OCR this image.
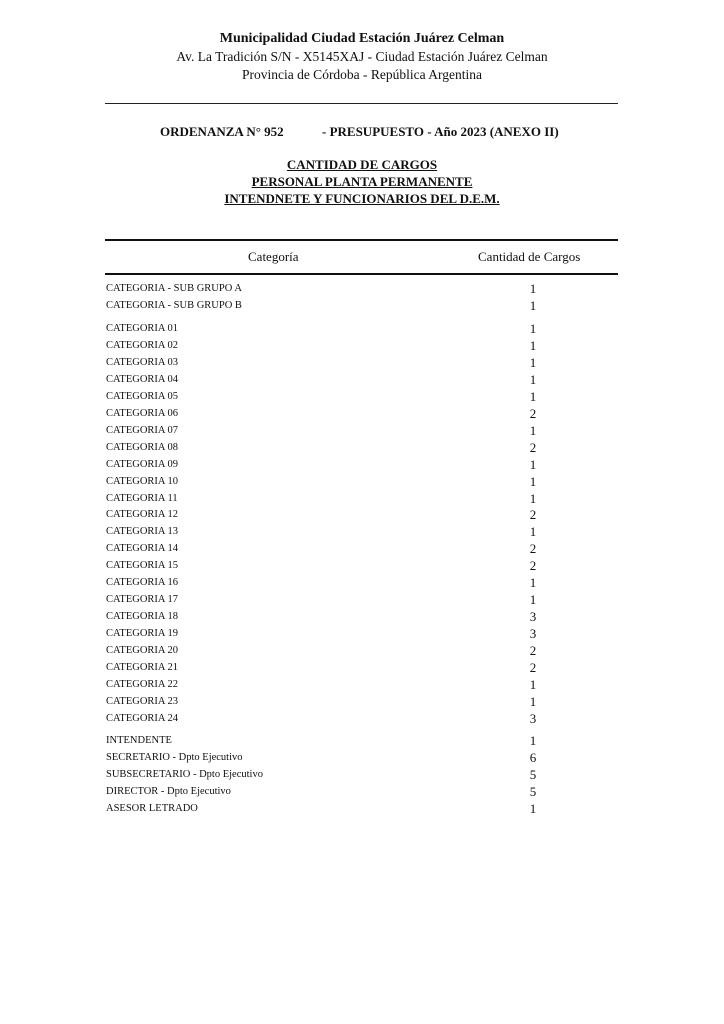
Municipalidad Ciudad Estación Juárez Celman
Av. La Tradición S/N - X5145XAJ - Ciudad Estación Juárez Celman
Provincia de Córdoba - República Argentina
ORDENANZA N° 952	- PRESUPUESTO - Año 2023 (ANEXO II)
CANTIDAD DE CARGOS
PERSONAL PLANTA PERMANENTE
INTENDNETE Y FUNCIONARIOS DEL D.E.M.
Categoría	Cantidad de Cargos
CATEGORIA - SUB GRUPO A	1
CATEGORIA - SUB GRUPO B	1
CATEGORIA 01	1
CATEGORIA 02	1
CATEGORIA 03	1
CATEGORIA 04	1
CATEGORIA 05	1
CATEGORIA 06	2
CATEGORIA 07	1
CATEGORIA 08	2
CATEGORIA 09	1
CATEGORIA 10	1
CATEGORIA 11	1
CATEGORIA 12	2
CATEGORIA 13	1
CATEGORIA 14	2
CATEGORIA 15	2
CATEGORIA 16	1
CATEGORIA 17	1
CATEGORIA 18	3
CATEGORIA 19	3
CATEGORIA 20	2
CATEGORIA 21	2
CATEGORIA 22	1
CATEGORIA 23	1
CATEGORIA 24	3
INTENDENTE	1
SECRETARIO - Dpto Ejecutivo	6
SUBSECRETARIO - Dpto Ejecutivo	5
DIRECTOR - Dpto Ejecutivo	5
ASESOR LETRADO	1
